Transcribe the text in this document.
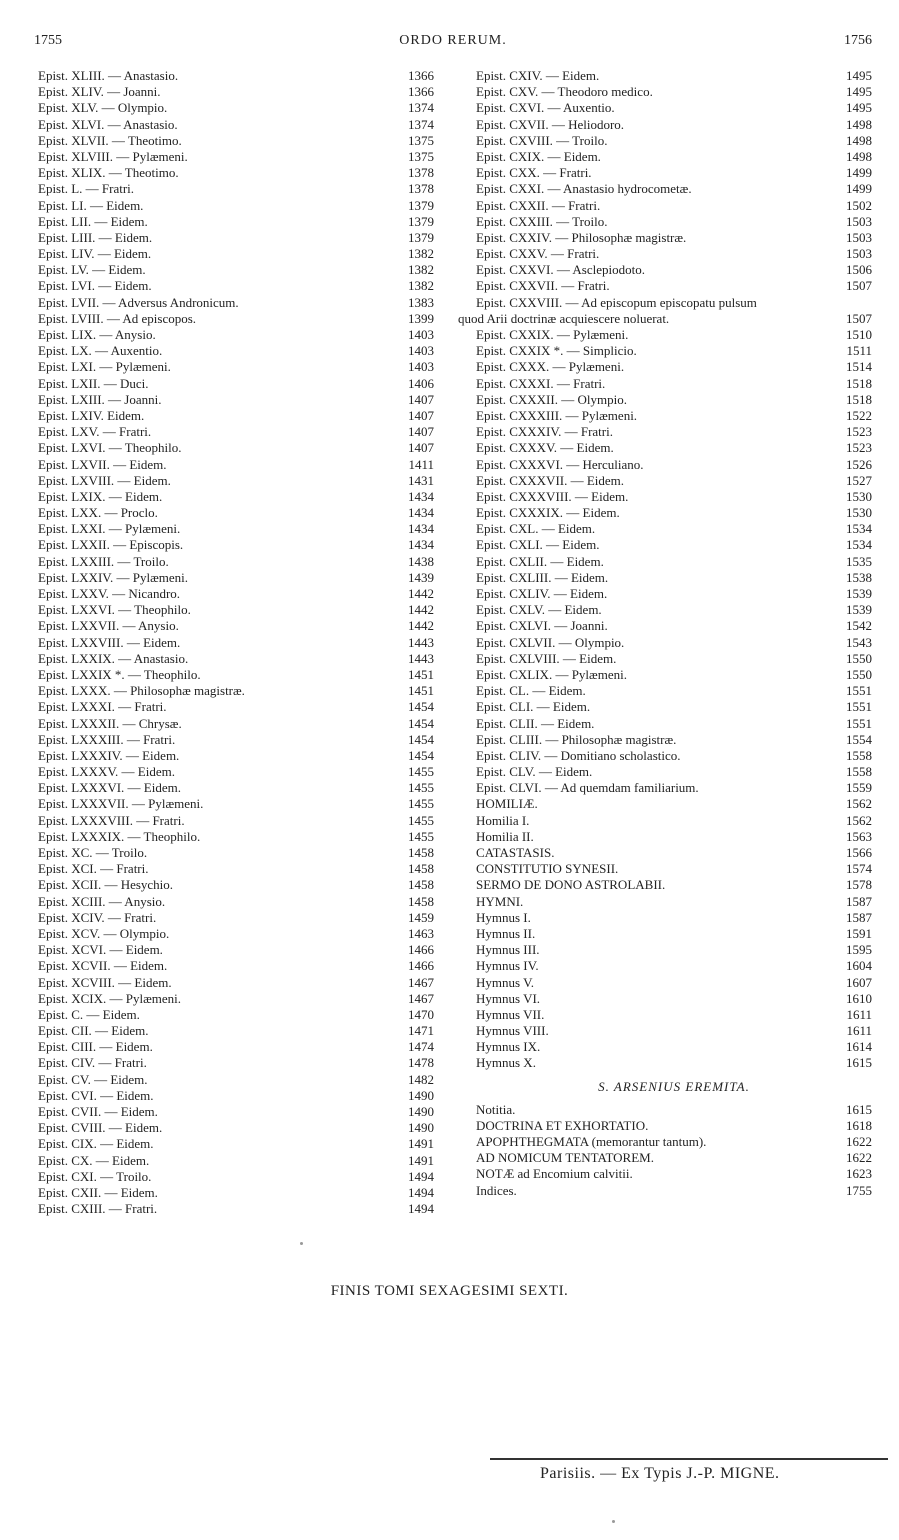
1755	ORDO RERUM.	1756
Epist. XLIII. — Anastasio.	1366
Epist. XLIV. — Joanni.	1366
Epist. XLV. — Olympio.	1374
Epist. XLVI. — Anastasio.	1374
Epist. XLVII. — Theotimo.	1375
Epist. XLVIII. — Pylæmeni.	1375
Epist. XLIX. — Theotimo.	1378
Epist. L. — Fratri.	1378
Epist. LI. — Eidem.	1379
Epist. LII. — Eidem.	1379
Epist. LIII. — Eidem.	1379
Epist. LIV. — Eidem.	1382
Epist. LV. — Eidem.	1382
Epist. LVI. — Eidem.	1382
Epist. LVII. — Adversus Andronicum.	1383
Epist. LVIII. — Ad episcopos.	1399
Epist. LIX. — Anysio.	1403
Epist. LX. — Auxentio.	1403
Epist. LXI. — Pylæmeni.	1403
Epist. LXII. — Duci.	1406
Epist. LXIII. — Joanni.	1407
Epist. LXIV. Eidem.	1407
Epist. LXV. — Fratri.	1407
Epist. LXVI. — Theophilo.	1407
Epist. LXVII. — Eidem.	1411
Epist. LXVIII. — Eidem.	1431
Epist. LXIX. — Eidem.	1434
Epist. LXX. — Proclo.	1434
Epist. LXXI. — Pylæmeni.	1434
Epist. LXXII. — Episcopis.	1434
Epist. LXXIII. — Troilo.	1438
Epist. LXXIV. — Pylæmeni.	1439
Epist. LXXV. — Nicandro.	1442
Epist. LXXVI. — Theophilo.	1442
Epist. LXXVII. — Anysio.	1442
Epist. LXXVIII. — Eidem.	1443
Epist. LXXIX. — Anastasio.	1443
Epist. LXXIX *. — Theophilo.	1451
Epist. LXXX. — Philosophæ magistræ.	1451
Epist. LXXXI. — Fratri.	1454
Epist. LXXXII. — Chrysæ.	1454
Epist. LXXXIII. — Fratri.	1454
Epist. LXXXIV. — Eidem.	1454
Epist. LXXXV. — Eidem.	1455
Epist. LXXXVI. — Eidem.	1455
Epist. LXXXVII. — Pylæmeni.	1455
Epist. LXXXVIII. — Fratri.	1455
Epist. LXXXIX. — Theophilo.	1455
Epist. XC. — Troilo.	1458
Epist. XCI. — Fratri.	1458
Epist. XCII. — Hesychio.	1458
Epist. XCIII. — Anysio.	1458
Epist. XCIV. — Fratri.	1459
Epist. XCV. — Olympio.	1463
Epist. XCVI. — Eidem.	1466
Epist. XCVII. — Eidem.	1466
Epist. XCVIII. — Eidem.	1467
Epist. XCIX. — Pylæmeni.	1467
Epist. C. — Eidem.	1470
Epist. CII. — Eidem.	1471
Epist. CIII. — Eidem.	1474
Epist. CIV. — Fratri.	1478
Epist. CV. — Eidem.	1482
Epist. CVI. — Eidem.	1490
Epist. CVII. — Eidem.	1490
Epist. CVIII. — Eidem.	1490
Epist. CIX. — Eidem.	1491
Epist. CX. — Eidem.	1491
Epist. CXI. — Troilo.	1494
Epist. CXII. — Eidem.	1494
Epist. CXIII. — Fratri.	1494
Epist. CXIV. — Eidem.	1495
Epist. CXV. — Theodoro medico.	1495
Epist. CXVI. — Auxentio.	1495
Epist. CXVII. — Heliodoro.	1498
Epist. CXVIII. — Troilo.	1498
Epist. CXIX. — Eidem.	1498
Epist. CXX. — Fratri.	1499
Epist. CXXI. — Anastasio hydrocometæ.	1499
Epist. CXXII. — Fratri.	1502
Epist. CXXIII. — Troilo.	1503
Epist. CXXIV. — Philosophæ magistræ.	1503
Epist. CXXV. — Fratri.	1503
Epist. CXXVI. — Asclepiodoto.	1506
Epist. CXXVII. — Fratri.	1507
Epist. CXXVIII. — Ad episcopum episcopatu pulsum
quod Arii doctrinæ acquiescere noluerat.	1507
Epist. CXXIX. — Pylæmeni.	1510
Epist. CXXIX *. — Simplicio.	1511
Epist. CXXX. — Pylæmeni.	1514
Epist. CXXXI. — Fratri.	1518
Epist. CXXXII. — Olympio.	1518
Epist. CXXXIII. — Pylæmeni.	1522
Epist. CXXXIV. — Fratri.	1523
Epist. CXXXV. — Eidem.	1523
Epist. CXXXVI. — Herculiano.	1526
Epist. CXXXVII. — Eidem.	1527
Epist. CXXXVIII. — Eidem.	1530
Epist. CXXXIX. — Eidem.	1530
Epist. CXL. — Eidem.	1534
Epist. CXLI. — Eidem.	1534
Epist. CXLII. — Eidem.	1535
Epist. CXLIII. — Eidem.	1538
Epist. CXLIV. — Eidem.	1539
Epist. CXLV. — Eidem.	1539
Epist. CXLVI. — Joanni.	1542
Epist. CXLVII. — Olympio.	1543
Epist. CXLVIII. — Eidem.	1550
Epist. CXLIX. — Pylæmeni.	1550
Epist. CL. — Eidem.	1551
Epist. CLI. — Eidem.	1551
Epist. CLII. — Eidem.	1551
Epist. CLIII. — Philosophæ magistræ.	1554
Epist. CLIV. — Domitiano scholastico.	1558
Epist. CLV. — Eidem.	1558
Epist. CLVI. — Ad quemdam familiarium.	1559
HOMILIÆ.	1562
Homilia I.	1562
Homilia II.	1563
CATASTASIS.	1566
CONSTITUTIO SYNESII.	1574
SERMO DE DONO ASTROLABII.	1578
HYMNI.	1587
Hymnus I.	1587
Hymnus II.	1591
Hymnus III.	1595
Hymnus IV.	1604
Hymnus V.	1607
Hymnus VI.	1610
Hymnus VII.	1611
Hymnus VIII.	1611
Hymnus IX.	1614
Hymnus X.	1615
S. ARSENIUS EREMITA.
Notitia.	1615
DOCTRINA ET EXHORTATIO.	1618
APOPHTHEGMATA (memorantur tantum).	1622
AD NOMICUM TENTATOREM.	1622
NOTÆ ad Encomium calvitii.	1623
Indices.	1755
FINIS TOMI SEXAGESIMI SEXTI.
Parisiis. — Ex Typis J.-P. MIGNE.
